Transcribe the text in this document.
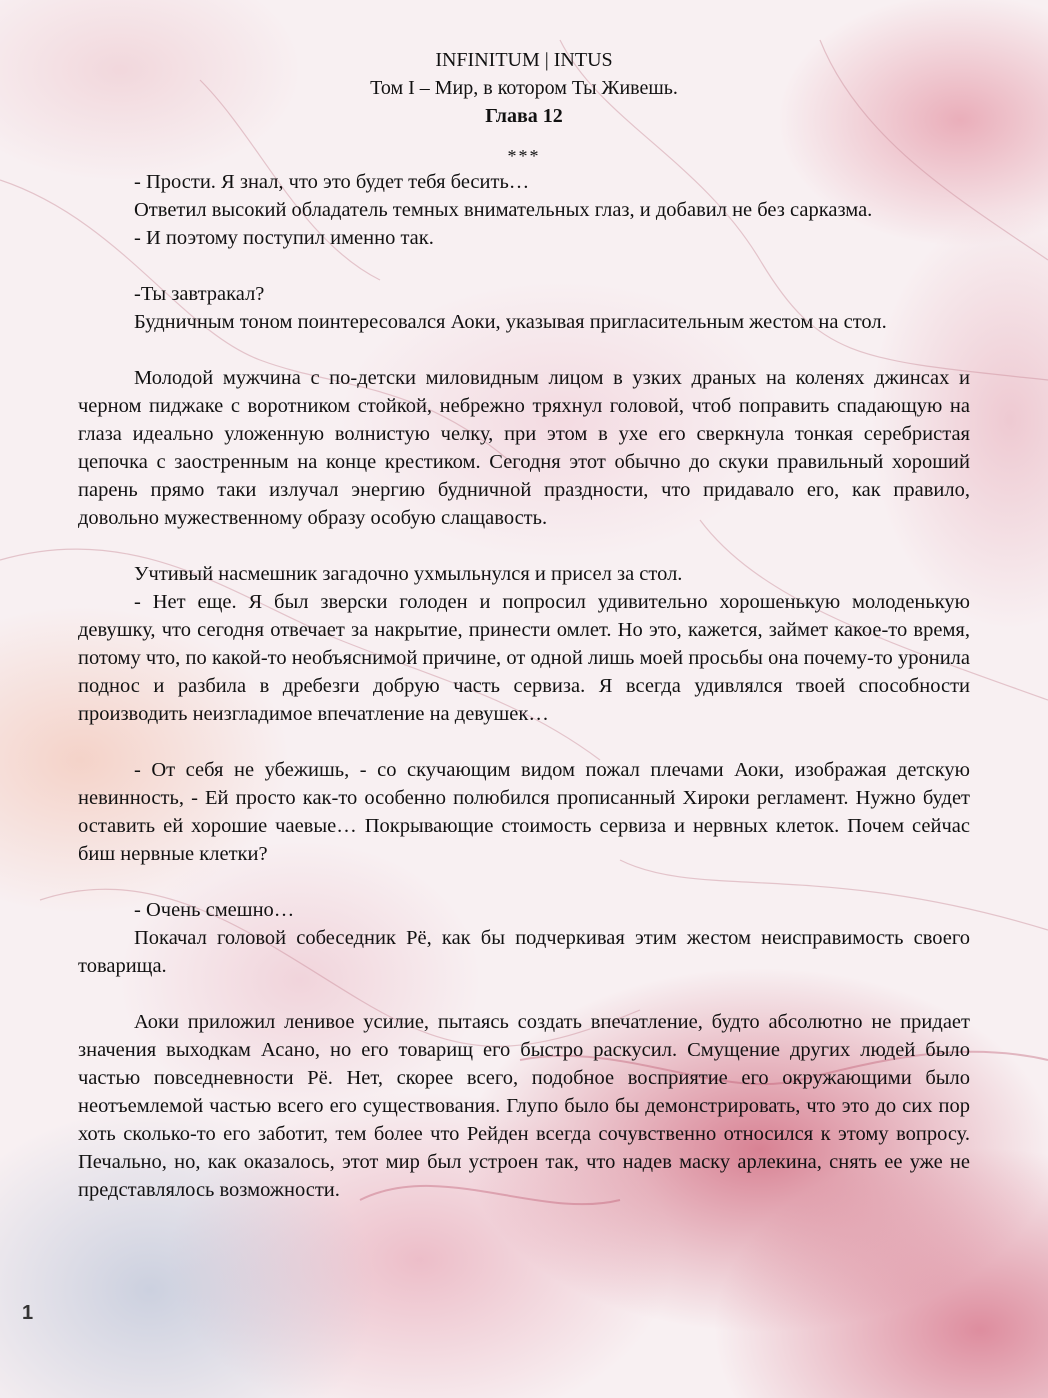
INFINITUM | INTUS
Том I – Мир, в котором Ты Живешь.
Глава 12
***

- Прости. Я знал, что это будет тебя бесить…

Ответил высокий обладатель темных внимательных глаз, и добавил не без сарказма.

- И поэтому поступил именно так.

-Ты завтракал?

Будничным тоном поинтересовался Аоки, указывая пригласительным жестом на стол.

Молодой мужчина с по-детски миловидным лицом в узких драных на коленях джинсах и черном пиджаке с воротником стойкой, небрежно тряхнул головой, чтоб поправить спадающую на глаза идеально уложенную волнистую челку, при этом в ухе его сверкнула тонкая серебристая цепочка с заостренным на конце крестиком. Сегодня этот обычно до скуки правильный хороший парень прямо таки излучал энергию будничной праздности, что придавало его, как правило, довольно мужественному образу особую слащавость.

Учтивый насмешник загадочно ухмыльнулся и присел за стол.

- Нет еще. Я был зверски голоден и попросил удивительно хорошенькую молоденькую девушку, что сегодня отвечает за накрытие, принести омлет. Но это, кажется, займет какое-то время, потому что, по какой-то необъяснимой причине, от одной лишь моей просьбы она почему-то уронила поднос и разбила в дребезги добрую часть сервиза. Я всегда удивлялся твоей способности производить неизгладимое впечатление на девушек…

- От себя не убежишь, - со скучающим видом пожал плечами Аоки, изображая детскую невинность, - Ей просто как-то особенно полюбился прописанный Хироки регламент. Нужно будет оставить ей хорошие чаевые… Покрывающие стоимость сервиза и нервных клеток. Почем сейчас биш нервные клетки?

- Очень смешно…

Покачал головой собеседник Рё, как бы подчеркивая этим жестом неисправимость своего товарища.

Аоки приложил ленивое усилие, пытаясь создать впечатление, будто абсолютно не придает значения выходкам Асано, но его товарищ его быстро раскусил. Смущение других людей было частью повседневности Рё. Нет, скорее всего, подобное восприятие его окружающими было неотъемлемой частью всего его существования. Глупо было бы демонстрировать, что это до сих пор хоть сколько-то его заботит, тем более что Рейден всегда сочувственно относился к этому вопросу. Печально, но, как оказалось, этот мир был устроен так, что надев маску арлекина, снять ее уже не представлялось возможности.

1
